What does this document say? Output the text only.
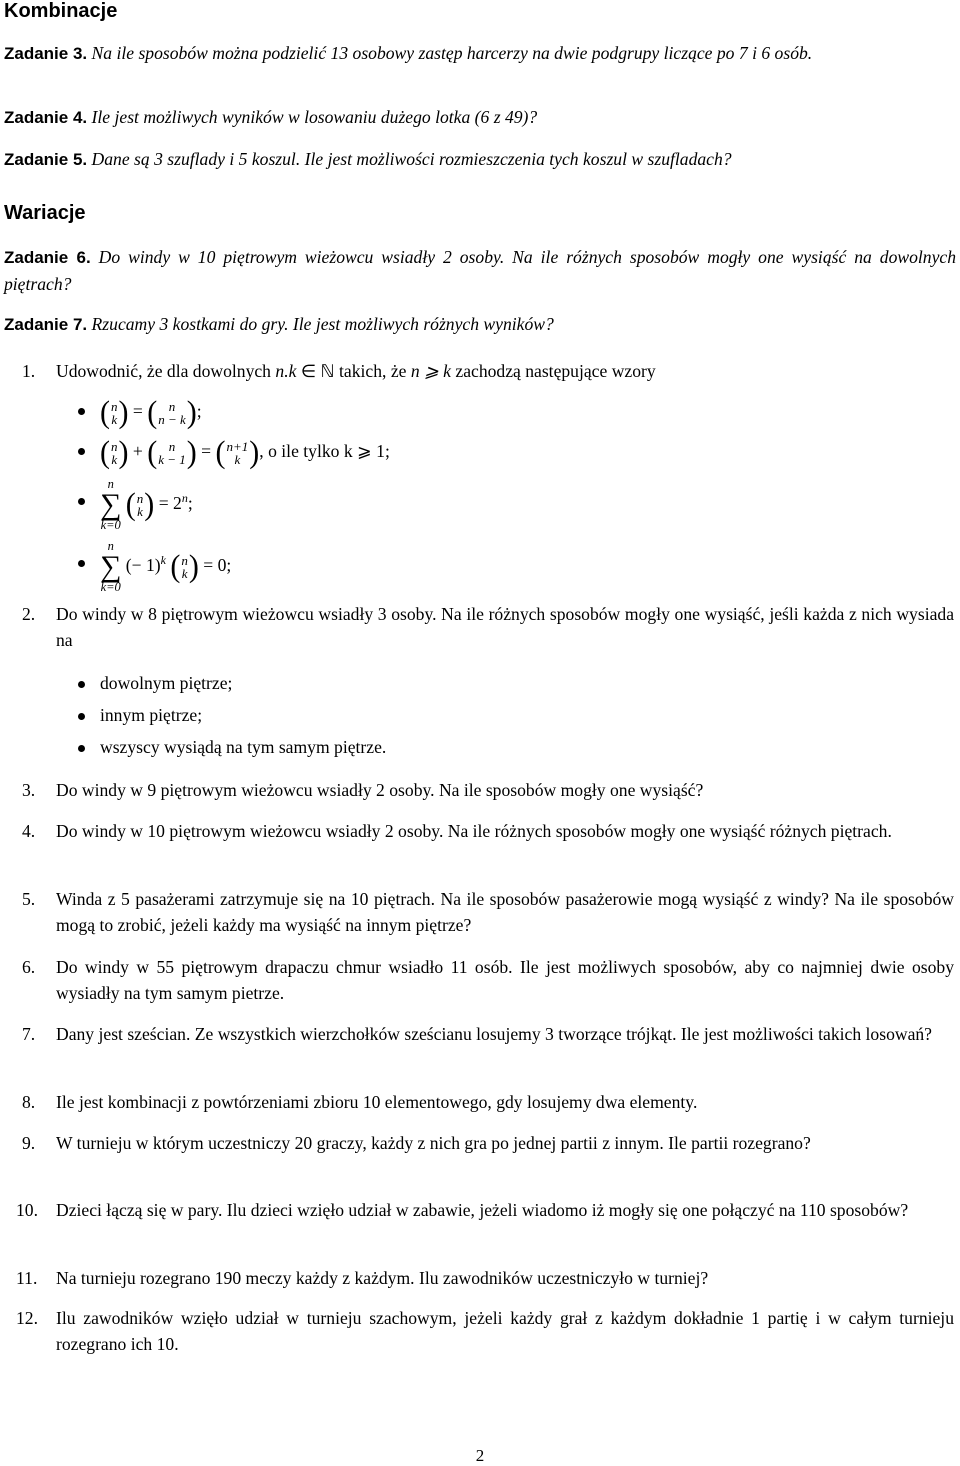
Kombinacje
Zadanie 3. Na ile sposobów można podzielić 13 osobowy zastęp harcerzy na dwie podgrupy liczące po 7 i 6 osób.
Zadanie 4. Ile jest możliwych wyników w losowaniu dużego lotka (6 z 49)?
Zadanie 5. Dane są 3 szuflady i 5 koszul. Ile jest możliwości rozmieszczenia tych koszul w szufladach?
Wariacje
Zadanie 6. Do windy w 10 piętrowym wieżowcu wsiadły 2 osoby. Na ile różnych sposobów mogły one wysiąść na dowolnych piętrach?
Zadanie 7. Rzucamy 3 kostkami do gry. Ile jest możliwych różnych wyników?
1. Udowodnić, że dla dowolnych n.k ∈ ℕ takich, że n ⩾ k zachodzą następujące wzory
( n
k ) = ( n
n − k ) ;
( n
k ) + ( n
k − 1 ) = ( n+1
k ) , o ile tylko k ⩾ 1;
n
∑
k=0

( n
k ) = $2^n$;
n
∑
k=0
(− 1)$^k$ ( n
k ) = 0;
2. Do windy w 8 piętrowym wieżowcu wsiadły 3 osoby. Na ile różnych sposobów mogły one wysiąść, jeśli każda z nich wysiada na
dowolnym piętrze;
innym piętrze;
wszyscy wysiądą na tym samym piętrze.
3. Do windy w 9 piętrowym wieżowcu wsiadły 2 osoby. Na ile sposobów mogły one wysiąść?
4. Do windy w 10 piętrowym wieżowcu wsiadły 2 osoby. Na ile różnych sposobów mogły one wysiąść różnych piętrach.
5. Winda z 5 pasażerami zatrzymuje się na 10 piętrach. Na ile sposobów pasażerowie mogą wysiąść z windy? Na ile sposobów mogą to zrobić, jeżeli każdy ma wysiąść na innym piętrze?
6. Do windy w 55 piętrowym drapaczu chmur wsiadło 11 osób. Ile jest możliwych sposobów, aby co najmniej dwie osoby wysiadły na tym samym pietrze.
7. Dany jest sześcian. Ze wszystkich wierzchołków sześcianu losujemy 3 tworzące trójkąt. Ile jest możliwości takich losowań?
8. Ile jest kombinacji z powtórzeniami zbioru 10 elementowego, gdy losujemy dwa elementy.
9. W turnieju w którym uczestniczy 20 graczy, każdy z nich gra po jednej partii z innym. Ile partii rozegrano?
10. Dzieci łączą się w pary. Ilu dzieci wzięło udział w zabawie, jeżeli wiadomo iż mogły się one połączyć na 110 sposobów?
11. Na turnieju rozegrano 190 meczy każdy z każdym. Ilu zawodników uczestniczyło w turniej?
12. Ilu zawodników wzięło udział w turnieju szachowym, jeżeli każdy grał z każdym dokładnie 1 partię i w całym turnieju rozegrano ich 10.
2
